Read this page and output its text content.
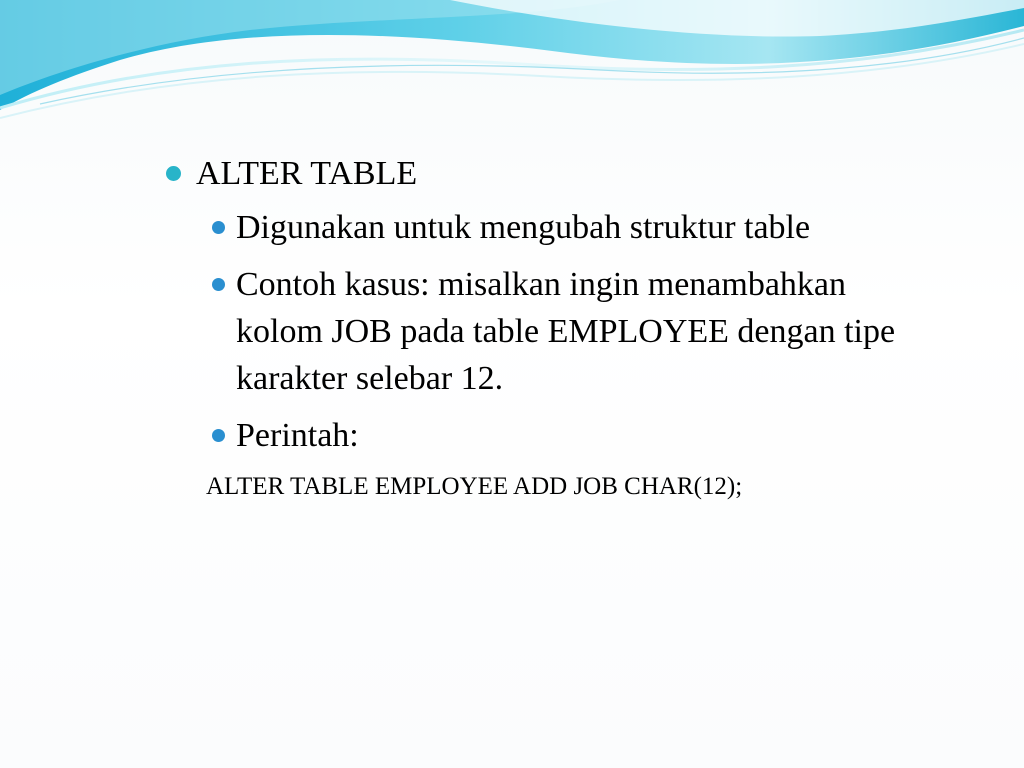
ALTER TABLE
Digunakan untuk mengubah struktur table
Contoh kasus: misalkan ingin menambahkan kolom JOB pada table EMPLOYEE dengan tipe karakter selebar 12.
Perintah:
ALTER TABLE EMPLOYEE ADD JOB CHAR(12);
